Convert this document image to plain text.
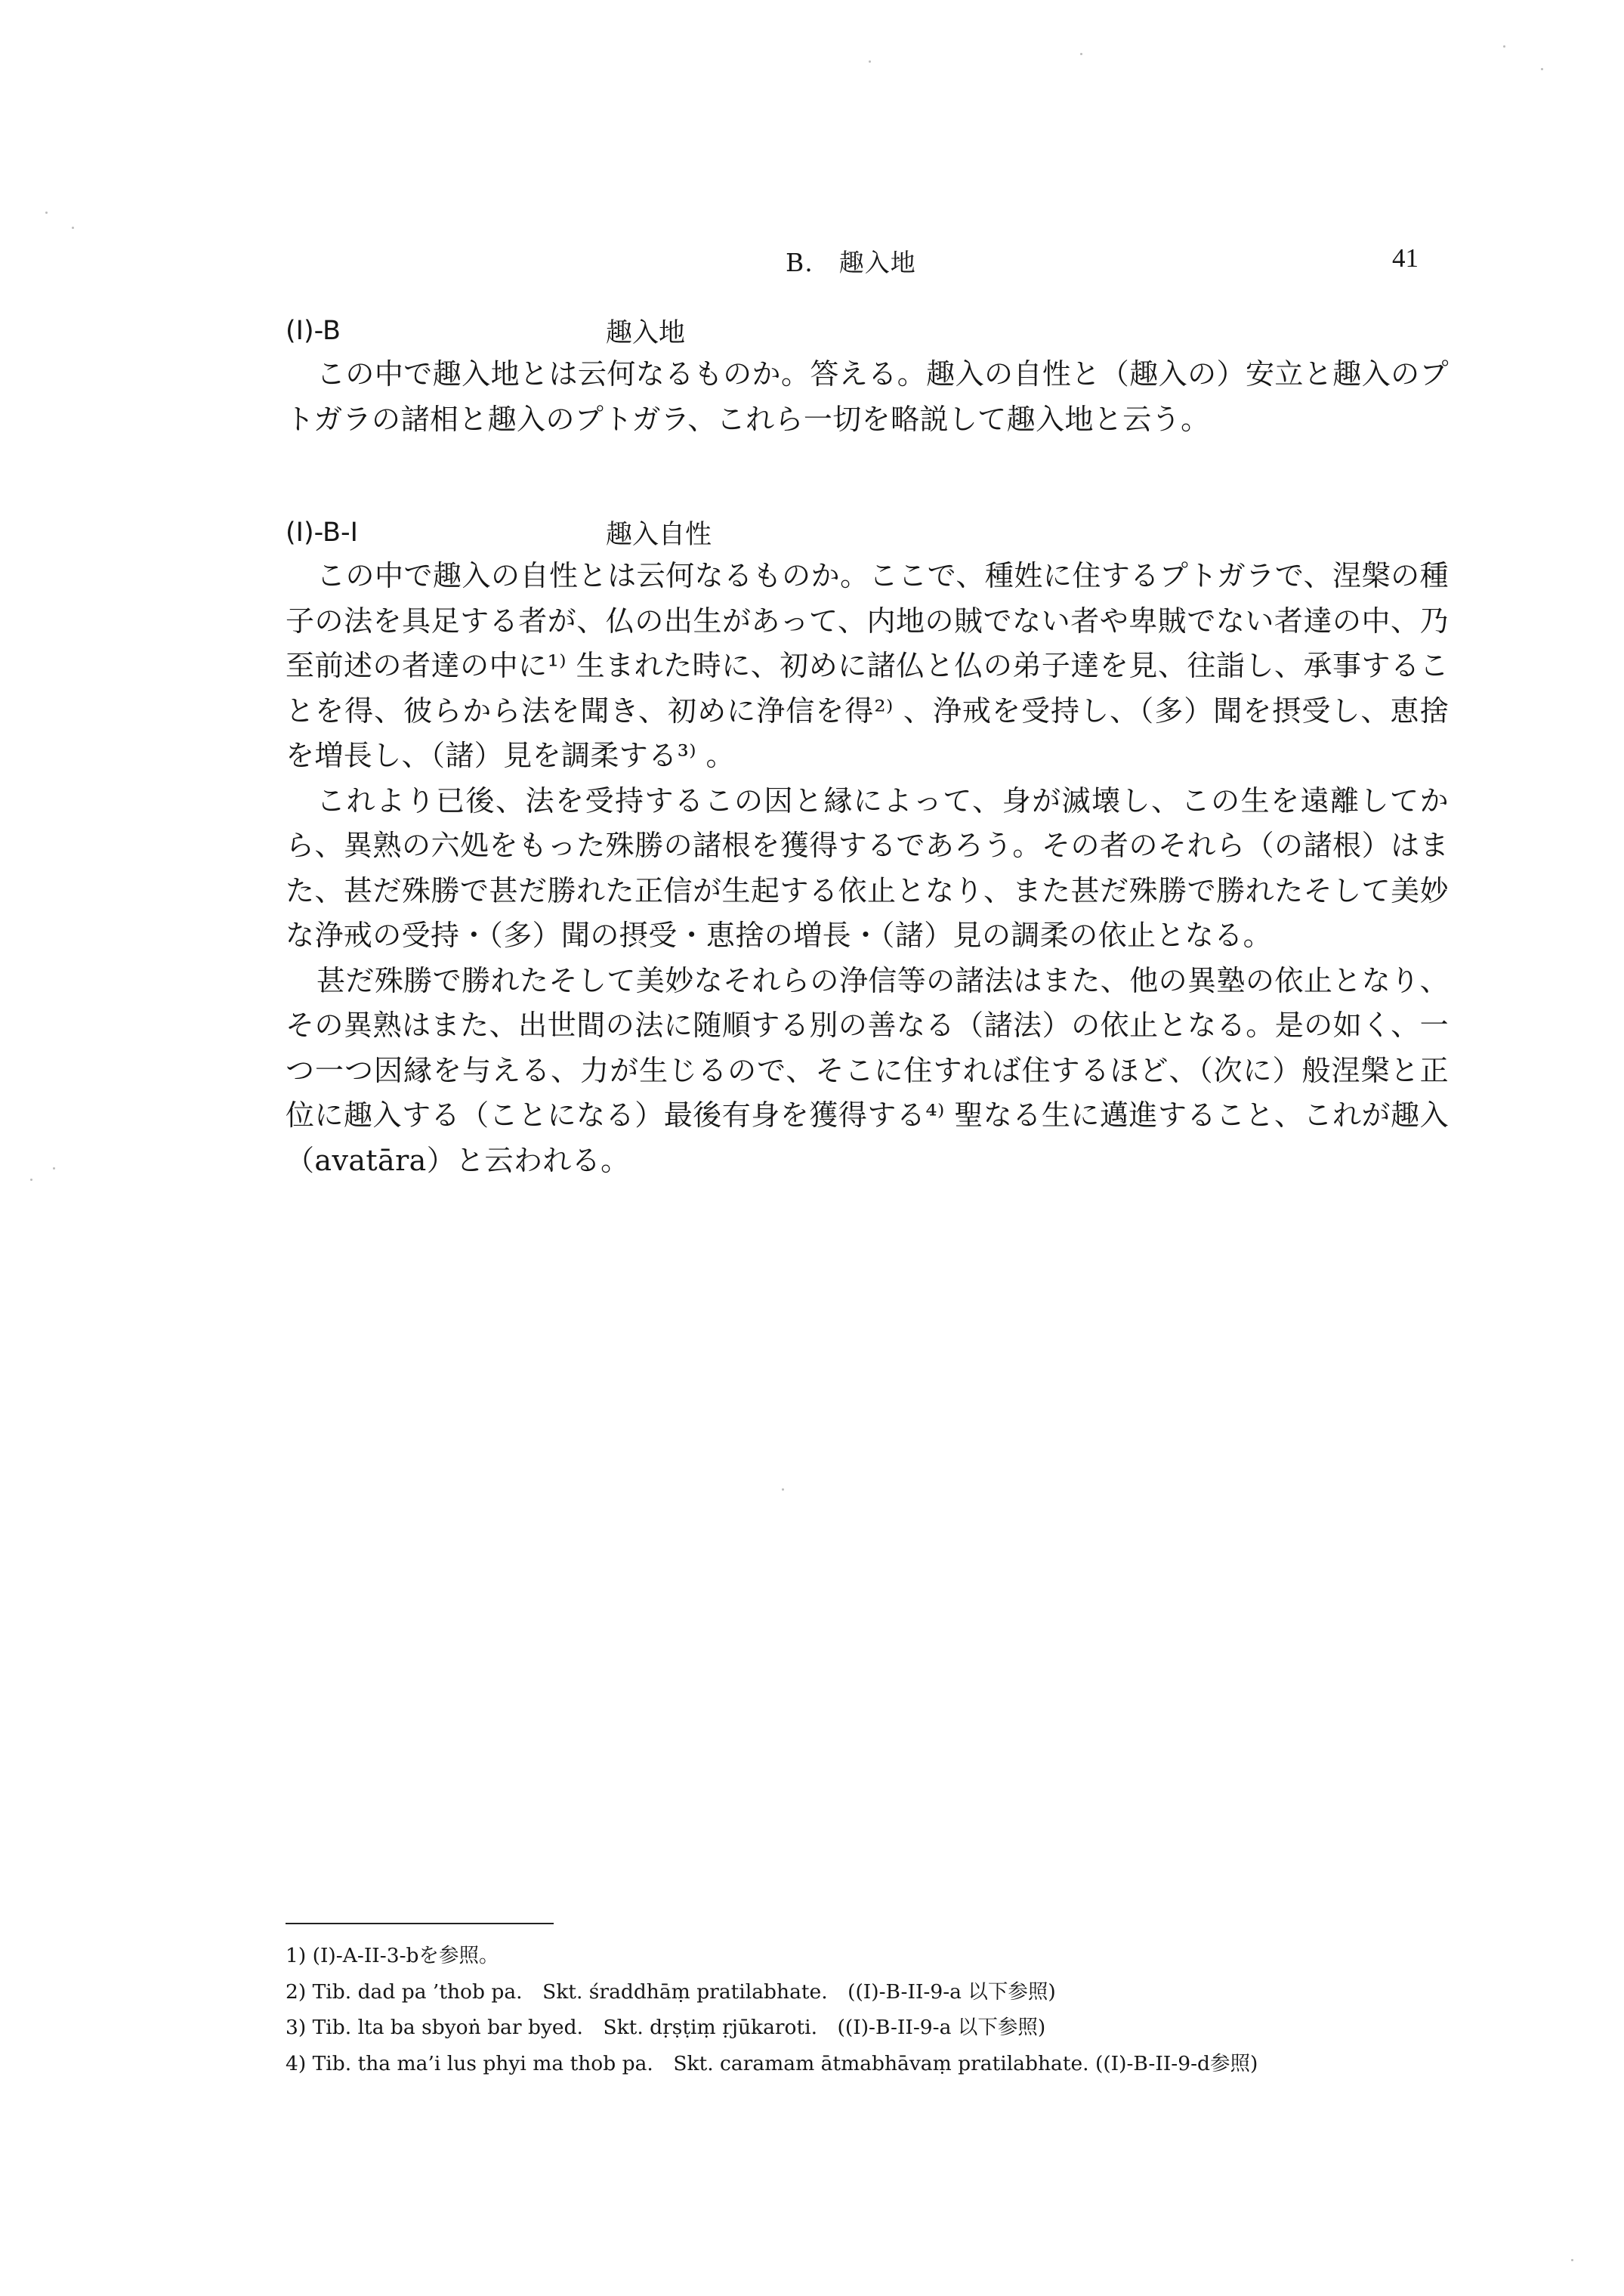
B.　趣入地	41
(I)-B	趣入地

この中で趣入地とは云何なるものか。答える。趣入の自性と（趣入の）安立と趣入のプトガラの諸相と趣入のプトガラ、これら一切を略説して趣入地と云う。

(I)-B-I	趣入自性

この中で趣入の自性とは云何なるものか。ここで、種姓に住するプトガラで、涅槃の種子の法を具足する者が、仏の出生があって、内地の賊でない者や卑賊でない者達の中、乃至前述の者達の中に¹⁾ 生まれた時に、初めに諸仏と仏の弟子達を見、往詣し、承事することを得、彼らから法を聞き、初めに浄信を得²⁾ 、浄戒を受持し、（多）聞を摂受し、恵捨を増長し、（諸）見を調柔する³⁾ 。

これより已後、法を受持するこの因と縁によって、身が滅壊し、この生を遠離してから、異熟の六処をもった殊勝の諸根を獲得するであろう。その者のそれら（の諸根）はまた、甚だ殊勝で甚だ勝れた正信が生起する依止となり、また甚だ殊勝で勝れたそして美妙な浄戒の受持・（多）聞の摂受・恵捨の増長・（諸）見の調柔の依止となる。

甚だ殊勝で勝れたそして美妙なそれらの浄信等の諸法はまた、他の異塾の依止となり、その異熟はまた、出世間の法に随順する別の善なる（諸法）の依止となる。是の如く、一つ一つ因縁を与える、力が生じるので、そこに住すれば住するほど、（次に）般涅槃と正位に趣入する（ことになる）最後有身を獲得する⁴⁾ 聖なる生に邁進すること、これが趣入（avatāra）と云われる。

1) (I)-A-II-3-bを参照。
2) Tib. dad pa ’thob pa.　Skt. śraddhāṃ pratilabhate.　((I)-B-II-9-a 以下参照)
3) Tib. lta ba sbyoṅ bar byed.　Skt. dṛṣṭiṃ ṛjūkaroti.　((I)-B-II-9-a 以下参照)
4) Tib. tha ma’i lus phyi ma thob pa.　Skt. caramam ātmabhāvaṃ pratilabhate. ((I)-B-II-9-d参照)
